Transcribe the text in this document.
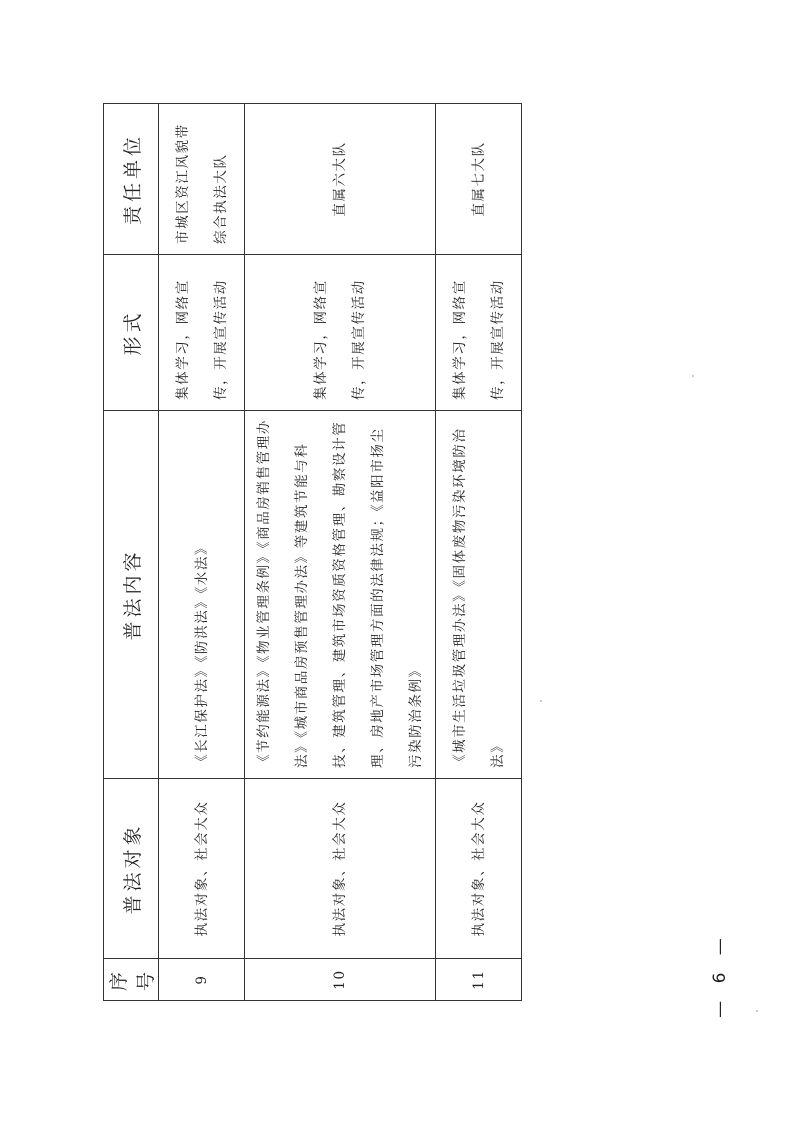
序号	普法对象	普法内容	形式	责任单位
9	执法对象、社会大众	《长江保护法》《防洪法》《水法》	集体学习，网络宣传，开展宣传活动	市城区资江风貌带综合执法大队
10	执法对象、社会大众	《节约能源法》《物业管理条例》《商品房销售管理办法》《城市商品房预售管理办法》等建筑节能与科技、建筑管理、建筑市场资质资格管理、勘察设计管理、房地产市场管理方面的法律法规；《益阳市扬尘污染防治条例》	集体学习，网络宣传，开展宣传活动	直属六大队
11	执法对象、社会大众	《城市生活垃圾管理办法》《固体废物污染环境防治法》	集体学习，网络宣传，开展宣传活动	直属七大队
— 6 —
